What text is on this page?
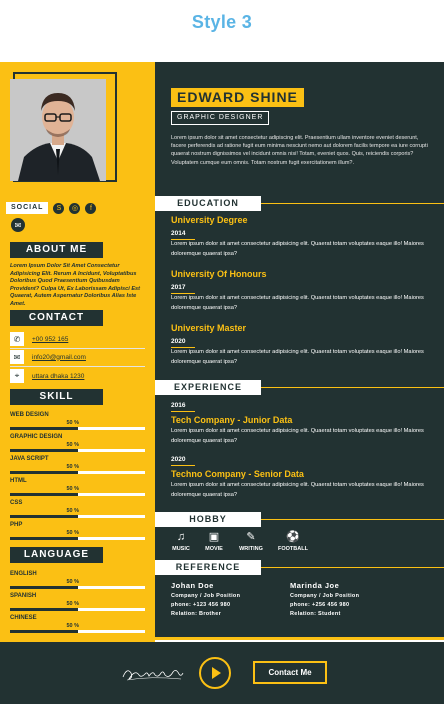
Style 3
SOCIAL	S	◎	f
✉
ABOUT ME
Lorem Ipsum Dolor Sit Amet Consectetur Adipisicing Elit. Rerum A Incidunt, Voluptatibus Doloribus Quod Praesentium Quibusdam Provident? Culpa Ut, Ex Laborissam Adipisci Est Quaerat, Autem Aspernatur Doloribus Alias Iste Amet.
CONTACT
✆	+00 952 165
✉	info20@gmail.com
⌖	uttara dhaka 1230
SKILL
WEB DESIGN
50 %
GRAPHIC DESIGN
50 %
JAVA SCRIPT
50 %
HTML
50 %
CSS
50 %
PHP
50 %
LANGUAGE
ENGLISH
50 %
SPANISH
50 %
CHINESE
50 %
EDWARD SHINE
GRAPHIC DESIGNER
Lorem ipsum dolor sit amet consectetur adipiscing elit. Praesentium ullam inventore eveniet deserunt, facere perferendis ad ratione fugit eum minima nesciunt nemo aut dolorem facilis tempore ea iure corrupti quaerat nostrum dignissimos vel incidunt omnis nisi! Totam, eveniet quos. Quis, reiciendis corporis? Voluptatem cumque eum omnis. Totam nostrum fugit exercitationem illum?.
EDUCATION
University Degree
2014
Lorem ipsum dolor sit amet consectetur adipisicing elit. Quaerat totam voluptates eaque illo! Maiores doloremque quaerat ipsa?
University Of Honours
2017
Lorem ipsum dolor sit amet consectetur adipisicing elit. Quaerat totam voluptates eaque illo! Maiores doloremque quaerat ipsa?
University Master
2020
Lorem ipsum dolor sit amet consectetur adipisicing elit. Quaerat totam voluptates eaque illo! Maiores doloremque quaerat ipsa?
EXPERIENCE
2016
Tech Company - Junior Data
Lorem ipsum dolor sit amet consectetur adipisicing elit. Quaerat totam voluptates eaque illo! Maiores doloremque quaerat ipsa?
2020
Techno Company - Senior Data
Lorem ipsum dolor sit amet consectetur adipisicing elit. Quaerat totam voluptates eaque illo! Maiores doloremque quaerat ipsa?
HOBBY
♫
MUSIC
▣
MOVIE
✎
WRITING
⚽
FOOTBALL
REFERENCE
Johan Doe
Company / Job Position
phone: +123 456 980
Relation: Brother
Marinda Joe
Company / Job Position
phone: +256 456 980
Relation: Student
Contact Me
